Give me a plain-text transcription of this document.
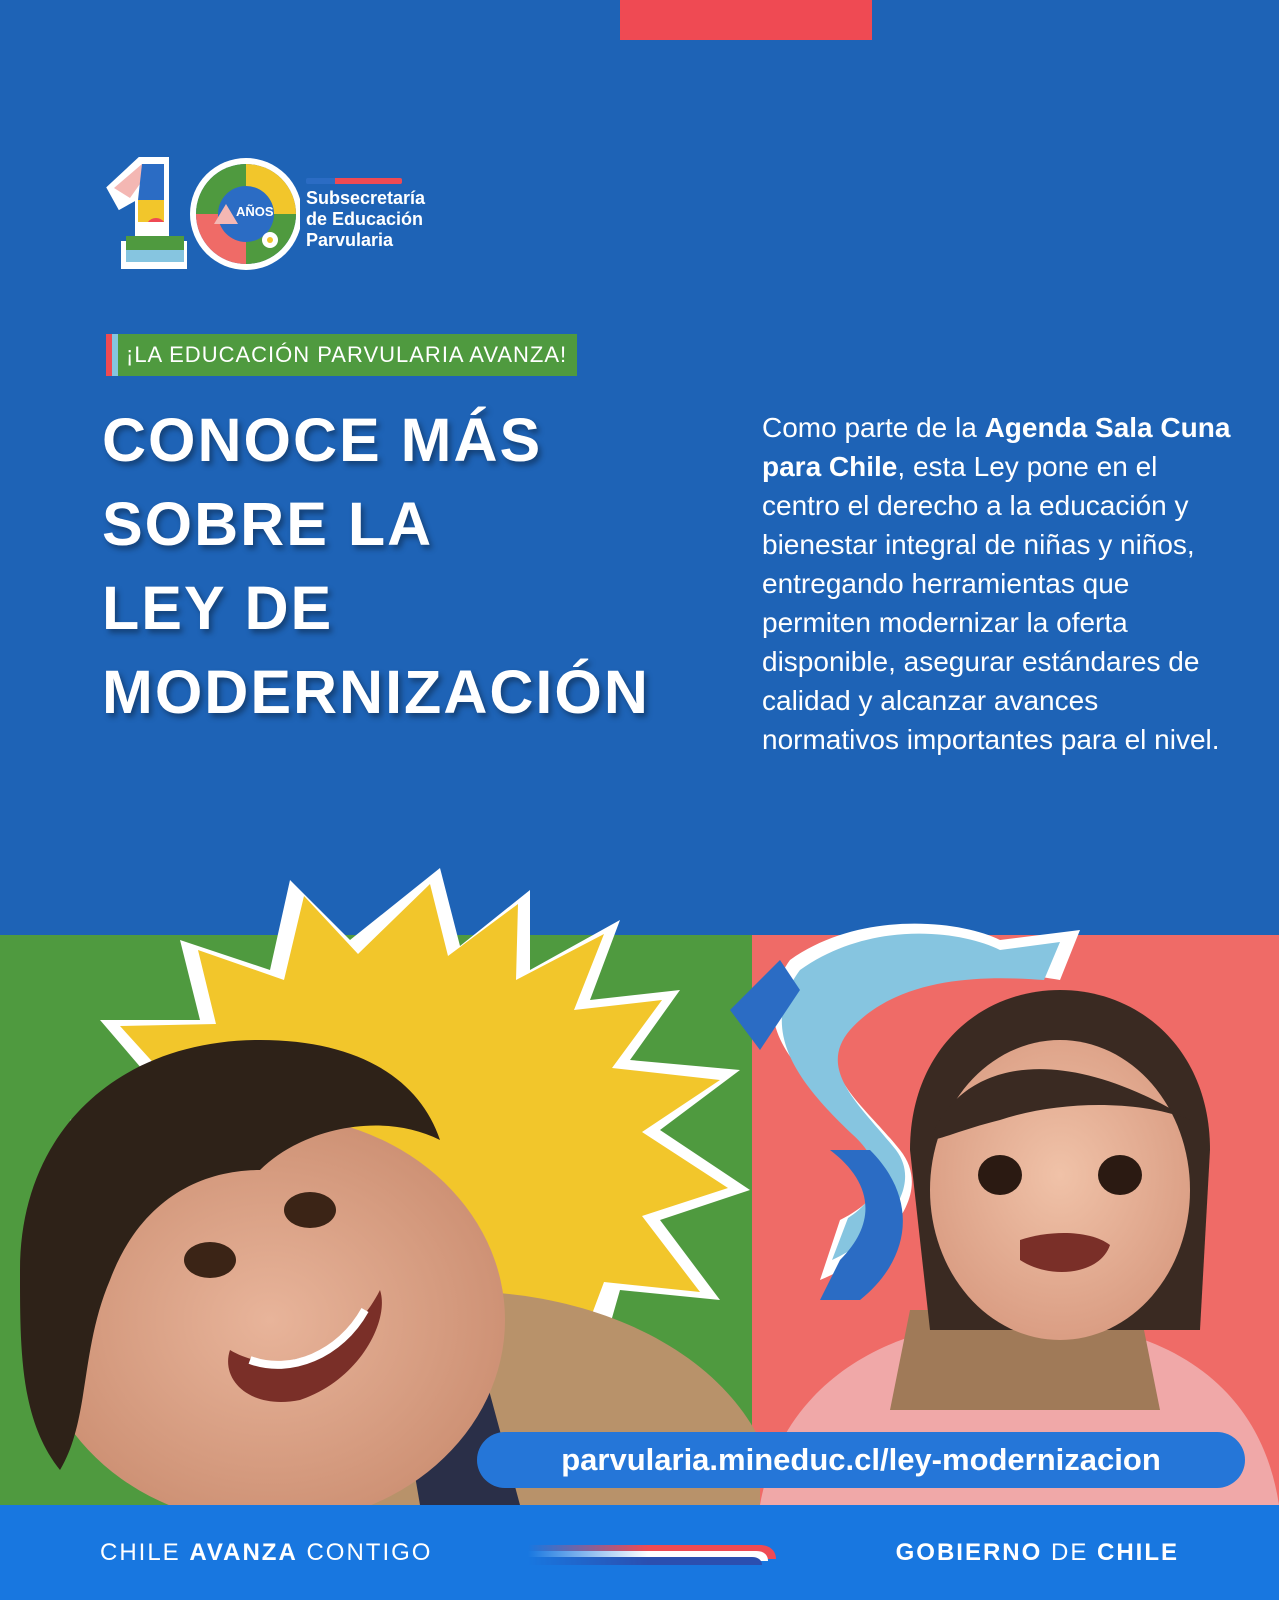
AÑOS
Subsecretaría
de Educación
Parvularia
¡LA EDUCACIÓN PARVULARIA AVANZA!
CONOCE MÁS
SOBRE LA
LEY DE
MODERNIZACIÓN
Como parte de la Agenda Sala Cuna para Chile, esta Ley pone en el centro el derecho a la educación y bienestar integral de niñas y niños, entregando herramientas que permiten modernizar la oferta disponible, asegurar estándares de calidad y alcanzar avances normativos importantes para el nivel.
parvularia.mineduc.cl/ley-modernizacion
CHILE AVANZA CONTIGO	GOBIERNO DE CHILE
